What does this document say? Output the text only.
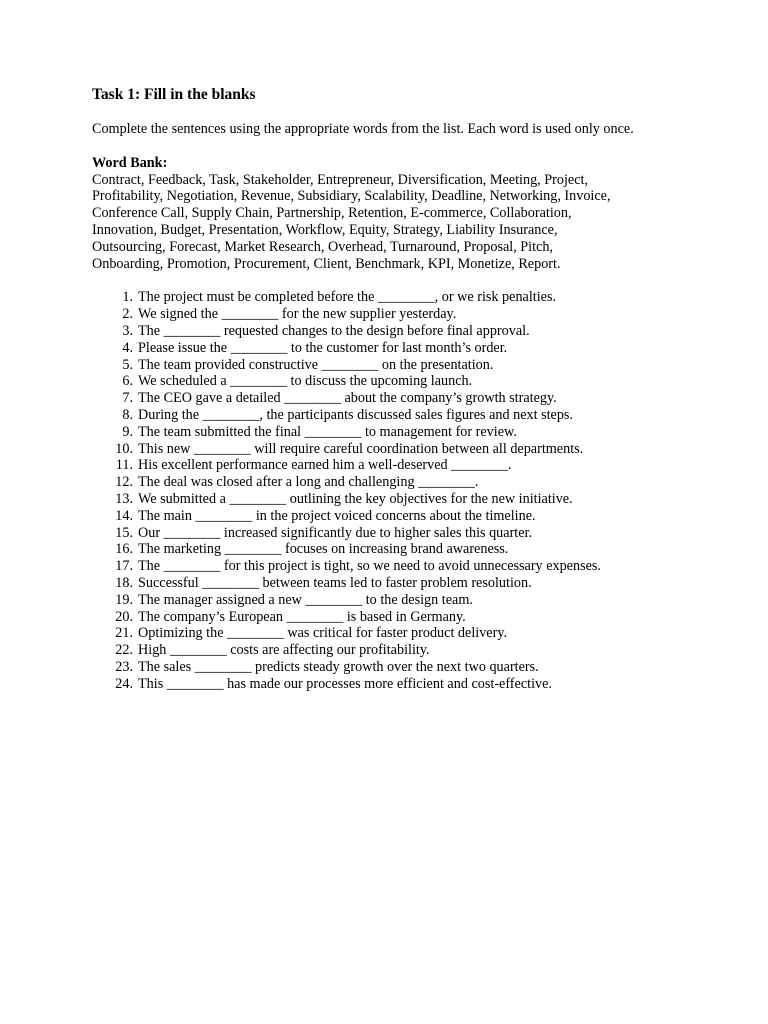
Task 1: Fill in the blanks

Complete the sentences using the appropriate words from the list. Each word is used only once.

Word Bank:
Contract, Feedback, Task, Stakeholder, Entrepreneur, Diversification, Meeting, Project,
Profitability, Negotiation, Revenue, Subsidiary, Scalability, Deadline, Networking, Invoice,
Conference Call, Supply Chain, Partnership, Retention, E-commerce, Collaboration,
Innovation, Budget, Presentation, Workflow, Equity, Strategy, Liability Insurance,
Outsourcing, Forecast, Market Research, Overhead, Turnaround, Proposal, Pitch,
Onboarding, Promotion, Procurement, Client, Benchmark, KPI, Monetize, Report.
1. The project must be completed before the ________, or we risk penalties.
2. We signed the ________ for the new supplier yesterday.
3. The ________ requested changes to the design before final approval.
4. Please issue the ________ to the customer for last month’s order.
5. The team provided constructive ________ on the presentation.
6. We scheduled a ________ to discuss the upcoming launch.
7. The CEO gave a detailed ________ about the company’s growth strategy.
8. During the ________, the participants discussed sales figures and next steps.
9. The team submitted the final ________ to management for review.
10. This new ________ will require careful coordination between all departments.
11. His excellent performance earned him a well-deserved ________.
12. The deal was closed after a long and challenging ________.
13. We submitted a ________ outlining the key objectives for the new initiative.
14. The main ________ in the project voiced concerns about the timeline.
15. Our ________ increased significantly due to higher sales this quarter.
16. The marketing ________ focuses on increasing brand awareness.
17. The ________ for this project is tight, so we need to avoid unnecessary expenses.
18. Successful ________ between teams led to faster problem resolution.
19. The manager assigned a new ________ to the design team.
20. The company’s European ________ is based in Germany.
21. Optimizing the ________ was critical for faster product delivery.
22. High ________ costs are affecting our profitability.
23. The sales ________ predicts steady growth over the next two quarters.
24. This ________ has made our processes more efficient and cost-effective.
